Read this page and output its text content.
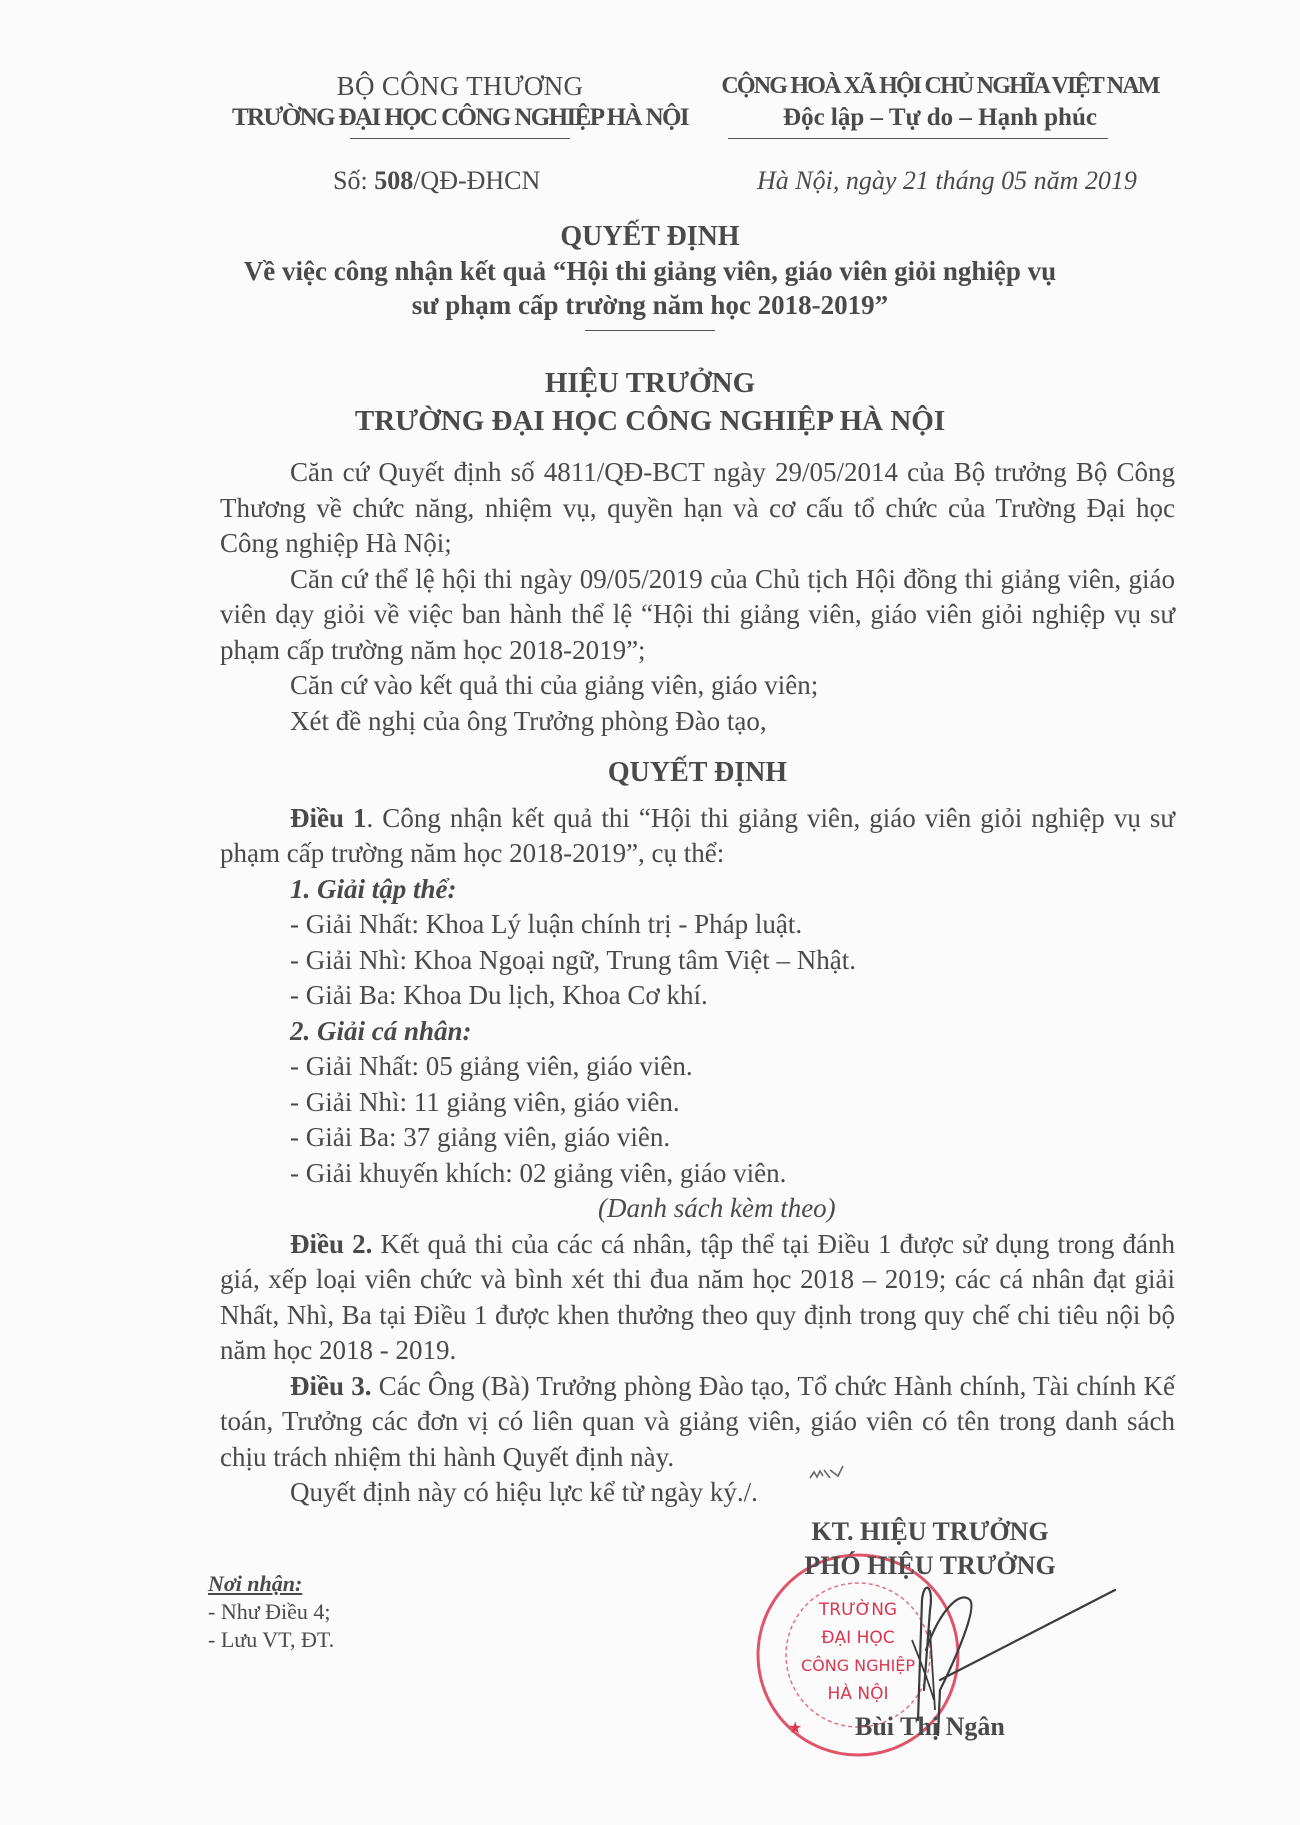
BỘ CÔNG THƯƠNG
TRƯỜNG ĐẠI HỌC CÔNG NGHIỆP HÀ NỘI
CỘNG HOÀ XÃ HỘI CHỦ NGHĨA VIỆT NAM
Độc lập – Tự do – Hạnh phúc
Số: 508/QĐ-ĐHCN	Hà Nội, ngày 21 tháng 05 năm 2019
QUYẾT ĐỊNH
Về việc công nhận kết quả “Hội thi giảng viên, giáo viên giỏi nghiệp vụ
sư phạm cấp trường năm học 2018-2019”
HIỆU TRƯỞNG
TRƯỜNG ĐẠI HỌC CÔNG NGHIỆP HÀ NỘI
Căn cứ Quyết định số 4811/QĐ-BCT ngày 29/05/2014 của Bộ trưởng Bộ Công Thương về chức năng, nhiệm vụ, quyền hạn và cơ cấu tổ chức của Trường Đại học Công nghiệp Hà Nội;
Căn cứ thể lệ hội thi ngày 09/05/2019 của Chủ tịch Hội đồng thi giảng viên, giáo viên dạy giỏi về việc ban hành thể lệ “Hội thi giảng viên, giáo viên giỏi nghiệp vụ sư phạm cấp trường năm học 2018-2019”;
Căn cứ vào kết quả thi của giảng viên, giáo viên;
Xét đề nghị của ông Trưởng phòng Đào tạo,
QUYẾT ĐỊNH
Điều 1. Công nhận kết quả thi “Hội thi giảng viên, giáo viên giỏi nghiệp vụ sư phạm cấp trường năm học 2018-2019”, cụ thể:
1. Giải tập thể:
- Giải Nhất: Khoa Lý luận chính trị - Pháp luật.
- Giải Nhì: Khoa Ngoại ngữ, Trung tâm Việt – Nhật.
- Giải Ba: Khoa Du lịch, Khoa Cơ khí.
2. Giải cá nhân:
- Giải Nhất: 05 giảng viên, giáo viên.
- Giải Nhì: 11 giảng viên, giáo viên.
- Giải Ba: 37 giảng viên, giáo viên.
- Giải khuyến khích: 02 giảng viên, giáo viên.
(Danh sách kèm theo)
Điều 2. Kết quả thi của các cá nhân, tập thể tại Điều 1 được sử dụng trong đánh giá, xếp loại viên chức và bình xét thi đua năm học 2018 – 2019; các cá nhân đạt giải Nhất, Nhì, Ba tại Điều 1 được khen thưởng theo quy định trong quy chế chi tiêu nội bộ năm học 2018 - 2019.
Điều 3. Các Ông (Bà) Trưởng phòng Đào tạo, Tổ chức Hành chính, Tài chính Kế toán, Trưởng các đơn vị có liên quan và giảng viên, giáo viên có tên trong danh sách chịu trách nhiệm thi hành Quyết định này.
Quyết định này có hiệu lực kể từ ngày ký./.
Nơi nhận:
- Như Điều 4;
- Lưu VT, ĐT.
TRƯỜNG
ĐẠI HỌC
CÔNG NGHIỆP
HÀ NỘI
★
KT. HIỆU TRƯỞNG
PHÓ HIỆU TRƯỞNG
Bùi Thị Ngân
